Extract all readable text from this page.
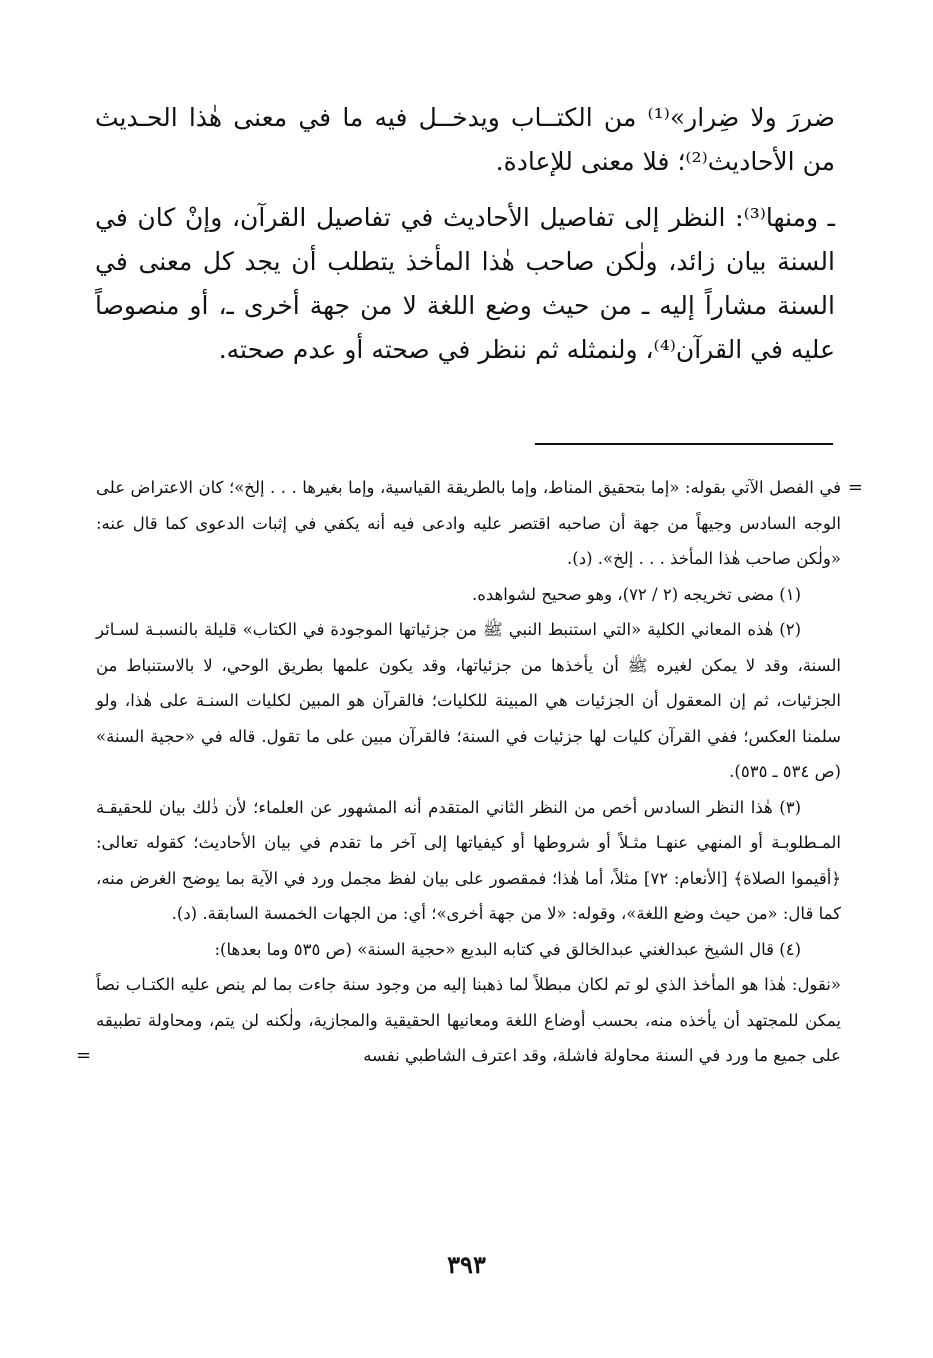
ضررَ ولا ضِرار»⁽¹⁾ من الكتــاب ويدخــل فيه ما في معنى هٰذا الحـديث من الأحاديث⁽²⁾؛ فلا معنى للإعادة.

ـ ومنها⁽³⁾: النظر إلى تفاصيل الأحاديث في تفاصيل القرآن، وإنْ كان في السنة بيان زائد، ولٰكن صاحب هٰذا المأخذ يتطلب أن يجد كل معنى في السنة مشاراً إليه ـ من حيث وضع اللغة لا من جهة أخرى ـ، أو منصوصاً عليه في القرآن⁽⁴⁾، ولنمثله ثم ننظر في صحته أو عدم صحته.

=
في الفصل الآتي بقوله: «إما بتحقيق المناط، وإما بالطريقة القياسية، وإما بغيرها . . . إلخ»؛ كان الاعتراض على الوجه السادس وجيهاً من جهة أن صاحبه اقتصر عليه وادعى فيه أنه يكفي في إثبات الدعوى كما قال عنه: «ولٰكن صاحب هٰذا المأخذ . . . إلخ». (د).

(١) مضى تخريجه (٢ / ٧٢)، وهو صحيح لشواهده.

(٢) هٰذه المعاني الكلية «التي استنبط النبي ﷺ من جزئياتها الموجودة في الكتاب» قليلة بالنسبـة لسـائر السنة، وقد لا يمكن لغيره ﷺ أن يأخذها من جزئياتها، وقد يكون علمها بطريق الوحي، لا بالاستنباط من الجزئيات، ثم إن المعقول أن الجزئيات هي المبينة للكليات؛ فالقرآن هو المبين لكليات السنـة على هٰذا، ولو سلمنا العكس؛ ففي القرآن كليات لها جزئيات في السنة؛ فالقرآن مبين على ما تقول. قاله في «حجية السنة» (ص ٥٣٤ ـ ٥٣٥).

(٣) هٰذا النظر السادس أخص من النظر الثاني المتقدم أنه المشهور عن العلماء؛ لأن ذٰلك بيان للحقيقـة المـطلوبـة أو المنهي عنهـا مثـلاً أو شروطها أو كيفياتها إلى آخر ما تقدم في بيان الأحاديث؛ كقوله تعالى: ﴿أقيموا الصلاة﴾ [الأنعام: ٧٢] مثلاً، أما هٰذا؛ فمقصور على بيان لفظ مجمل ورد في الآية بما يوضح الغرض منه، كما قال: «من حيث وضع اللغة»، وقوله: «لا من جهة أخرى»؛ أي: من الجهات الخمسة السابقة. (د).

(٤) قال الشيخ عبدالغني عبدالخالق في كتابه البديع «حجية السنة» (ص ٥٣٥ وما بعدها):

«نقول: هٰذا هو المأخذ الذي لو تم لكان مبطلاً لما ذهبنا إليه من وجود سنة جاءت بما لم ينص عليه الكتـاب نصاً يمكن للمجتهد أن يأخذه منه، بحسب أوضاع اللغة ومعانيها الحقيقية والمجازية، ولٰكنه لن يتم، ومحاولة تطبيقه على جميع ما ورد في السنة محاولة فاشلة، وقد اعترف الشاطبي نفسه
=

٣٩٣
